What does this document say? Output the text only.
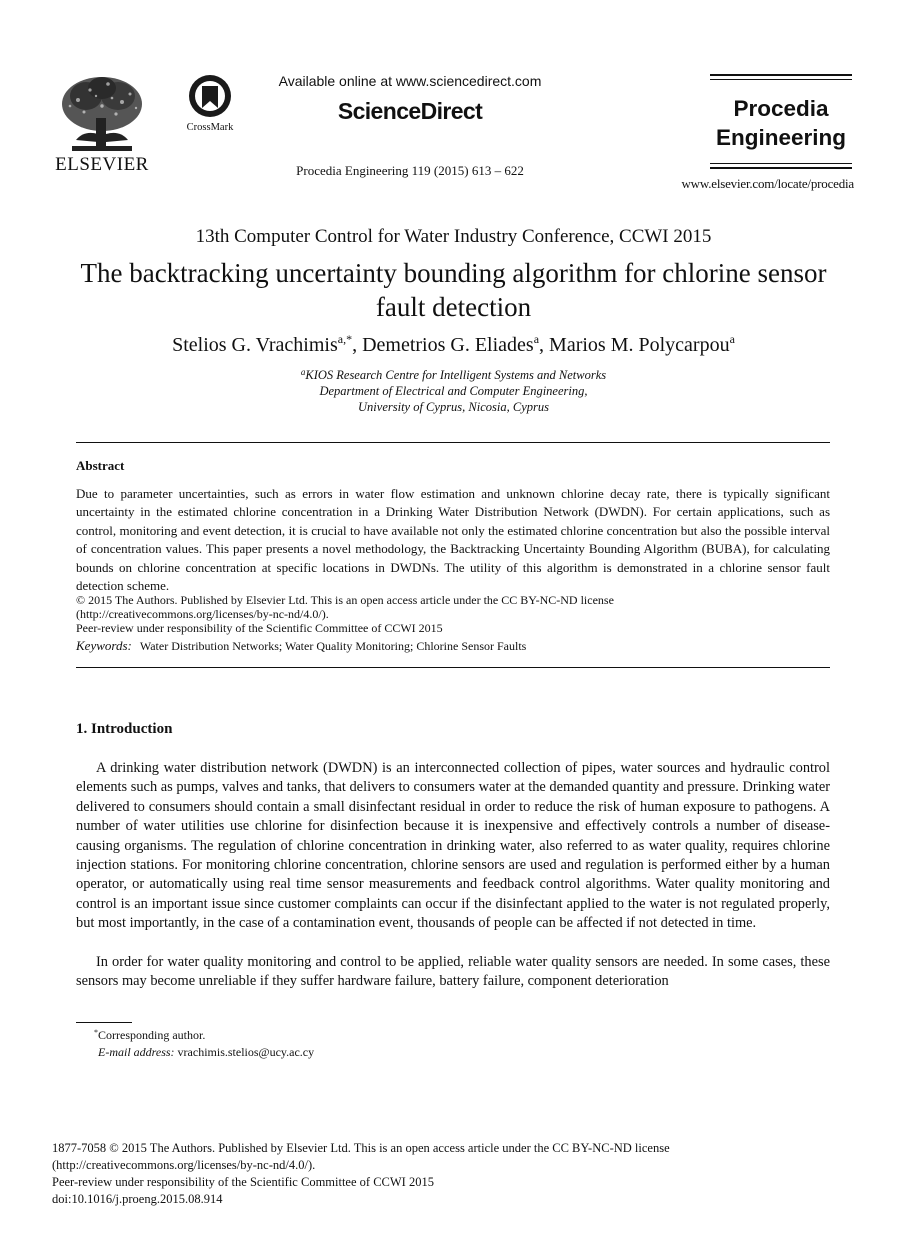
ELSEVIER
CrossMark
Available online at www.sciencedirect.com
ScienceDirect
Procedia Engineering 119 (2015) 613 – 622
Procedia Engineering
www.elsevier.com/locate/procedia
13th Computer Control for Water Industry Conference, CCWI 2015
The backtracking uncertainty bounding algorithm for chlorine sensor fault detection
Stelios G. Vrachimis$^{a,*}$, Demetrios G. Eliades$^a$, Marios M. Polycarpou$^a$
$^a$KIOS Research Centre for Intelligent Systems and Networks
Department of Electrical and Computer Engineering,
University of Cyprus, Nicosia, Cyprus
Abstract
Due to parameter uncertainties, such as errors in water flow estimation and unknown chlorine decay rate, there is typically significant uncertainty in the estimated chlorine concentration in a Drinking Water Distribution Network (DWDN). For certain applications, such as control, monitoring and event detection, it is crucial to have available not only the estimated chlorine concentration but also the possible interval of concentration values. This paper presents a novel methodology, the Backtracking Uncertainty Bounding Algorithm (BUBA), for calculating bounds on chlorine concentration at specific locations in DWDNs. The utility of this algorithm is demonstrated in a chlorine sensor fault detection scheme.
© 2015 The Authors. Published by Elsevier Ltd. This is an open access article under the CC BY-NC-ND license
(http://creativecommons.org/licenses/by-nc-nd/4.0/).
Peer-review under responsibility of the Scientific Committee of CCWI 2015
Keywords: Water Distribution Networks; Water Quality Monitoring; Chlorine Sensor Faults
1. Introduction

A drinking water distribution network (DWDN) is an interconnected collection of pipes, water sources and hydraulic control elements such as pumps, valves and tanks, that delivers to consumers water at the demanded quantity and pressure. Drinking water delivered to consumers should contain a small disinfectant residual in order to reduce the risk of human exposure to pathogens. A number of water utilities use chlorine for disinfection because it is inexpensive and effectively controls a number of disease-causing organisms. The regulation of chlorine concentration in drinking water, also referred to as water quality, requires chlorine injection stations. For monitoring chlorine concentration, chlorine sensors are used and regulation is performed either by a human operator, or automatically using real time sensor measurements and feedback control algorithms. Water quality monitoring and control is an important issue since customer complaints can occur if the disinfectant applied to the water is not regulated properly, but most importantly, in the case of a contamination event, thousands of people can be affected if not detected in time.

In order for water quality monitoring and control to be applied, reliable water quality sensors are needed. In some cases, these sensors may become unreliable if they suffer hardware failure, battery failure, component deterioration

*Corresponding author.
E-mail address: vrachimis.stelios@ucy.ac.cy
1877-7058 © 2015 The Authors. Published by Elsevier Ltd. This is an open access article under the CC BY-NC-ND license
(http://creativecommons.org/licenses/by-nc-nd/4.0/).
Peer-review under responsibility of the Scientific Committee of CCWI 2015
doi:10.1016/j.proeng.2015.08.914
